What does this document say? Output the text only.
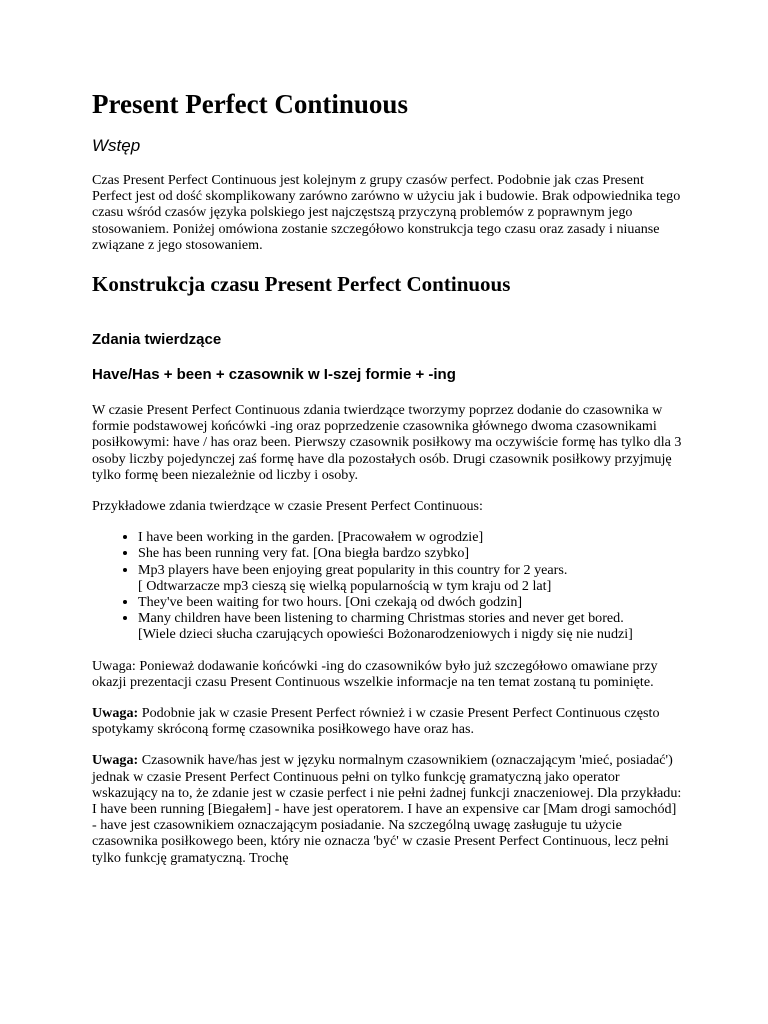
Present Perfect Continuous
Wstęp

Czas Present Perfect Continuous jest kolejnym z grupy czasów perfect. Podobnie jak czas Present Perfect jest od dość skomplikowany zarówno zarówno w użyciu jak i budowie. Brak odpowiednika tego czasu wśród czasów języka polskiego jest najczęstszą przyczyną problemów z poprawnym jego stosowaniem. Poniżej omówiona zostanie szczegółowo konstrukcja tego czasu oraz zasady i niuanse związane z jego stosowaniem.

Konstrukcja czasu Present Perfect Continuous
Zdania twierdzące
Have/Has + been + czasownik w I-szej formie + -ing

W czasie Present Perfect Continuous zdania twierdzące tworzymy poprzez dodanie do czasownika w formie podstawowej końcówki -ing oraz poprzedzenie czasownika głównego dwoma czasownikami posiłkowymi: have / has oraz been. Pierwszy czasownik posiłkowy ma oczywiście formę has tylko dla 3 osoby liczby pojedynczej zaś formę have dla pozostałych osób. Drugi czasownik posiłkowy przyjmuję tylko formę been niezależnie od liczby i osoby.

Przykładowe zdania twierdzące w czasie Present Perfect Continuous:

• I have been working in the garden. [Pracowałem w ogrodzie]
• She has been running very fat. [Ona biegła bardzo szybko]
• Mp3 players have been enjoying great popularity in this country for 2 years.
[ Odtwarzacze mp3 cieszą się wielką popularnością w tym kraju od 2 lat]
• They've been waiting for two hours. [Oni czekają od dwóch godzin]
• Many children have been listening to charming Christmas stories and never get bored.
[Wiele dzieci słucha czarujących opowieści Bożonarodzeniowych i nigdy się nie nudzi]

Uwaga: Ponieważ dodawanie końcówki -ing do czasowników było już szczegółowo omawiane przy okazji prezentacji czasu Present Continuous wszelkie informacje na ten temat zostaną tu pominięte.

Uwaga: Podobnie jak w czasie Present Perfect również i w czasie Present Perfect Continuous często spotykamy skróconą formę czasownika posiłkowego have oraz has.

Uwaga: Czasownik have/has jest w języku normalnym czasownikiem (oznaczającym 'mieć, posiadać') jednak w czasie Present Perfect Continuous pełni on tylko funkcję gramatyczną jako operator wskazujący na to, że zdanie jest w czasie perfect i nie pełni żadnej funkcji znaczeniowej. Dla przykładu: I have been running [Biegałem] - have jest operatorem. I have an expensive car [Mam drogi samochód] - have jest czasownikiem oznaczającym posiadanie. Na szczególną uwagę zasługuje tu użycie czasownika posiłkowego been, który nie oznacza 'być' w czasie Present Perfect Continuous, lecz pełni tylko funkcję gramatyczną. Trochę
